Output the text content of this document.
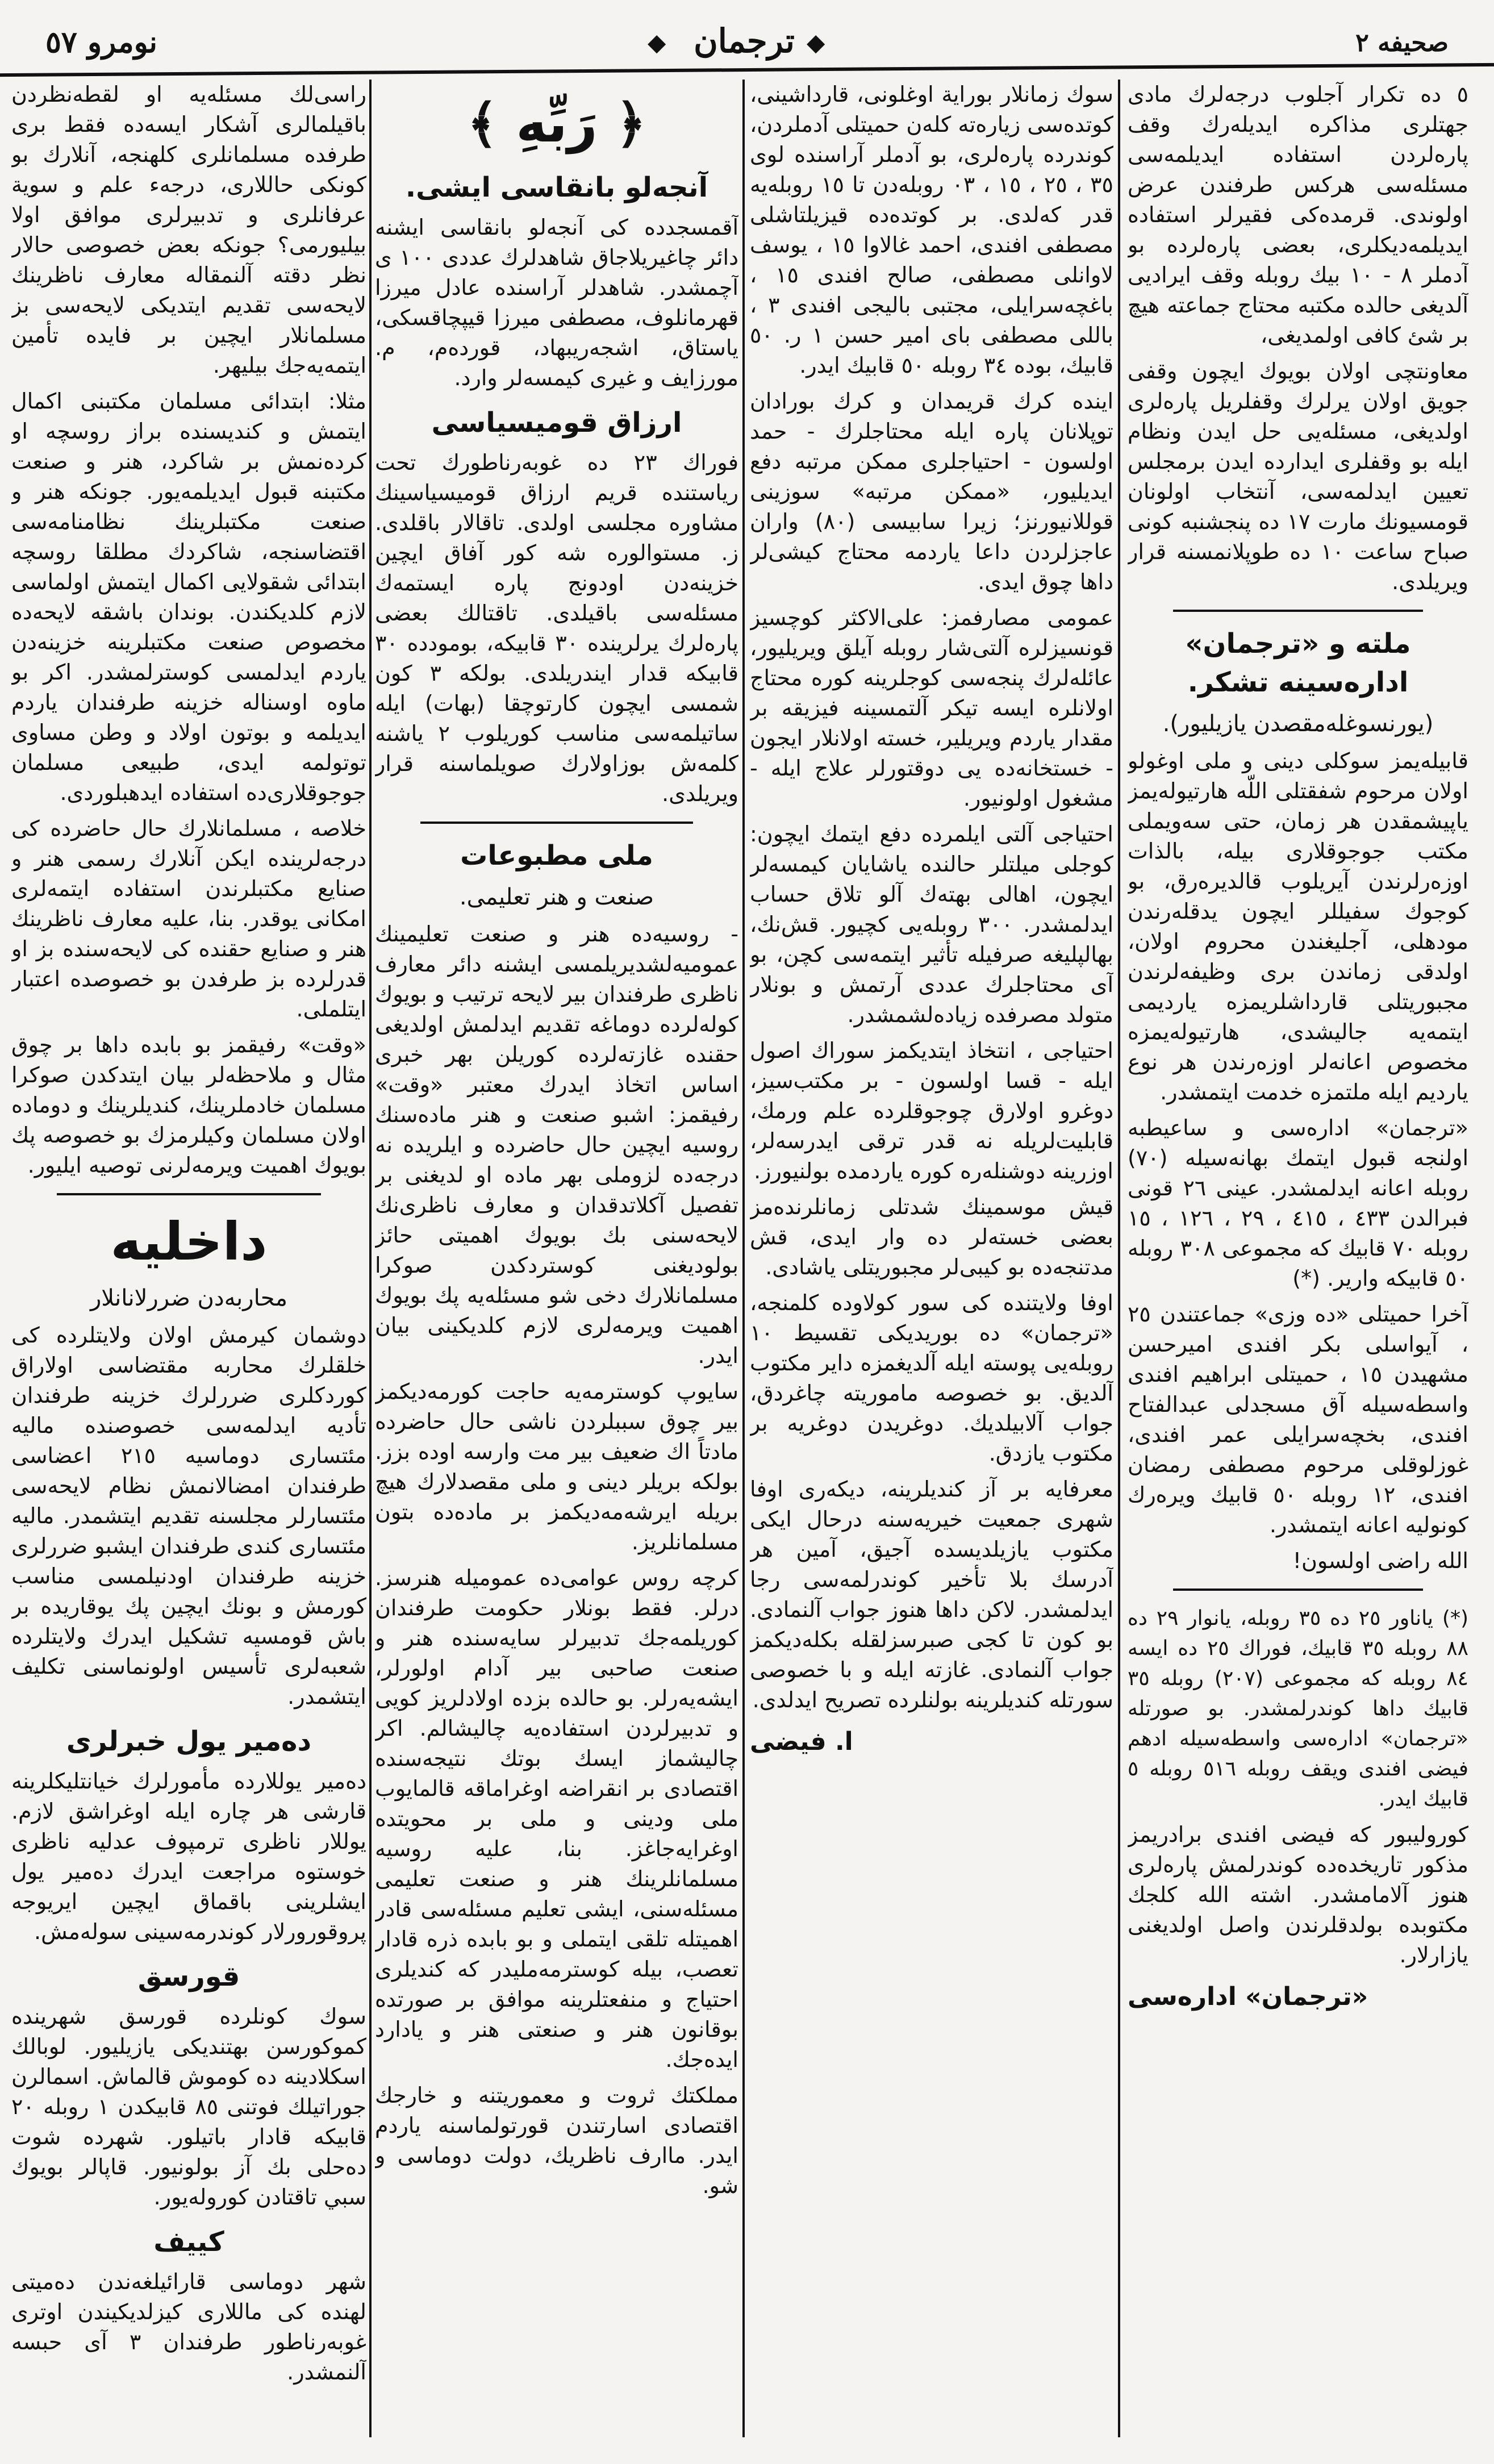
صحيفه ٢
◆
ترجمان
◆
نومرو ٥٧

٥ ده تكرار آجلوب درجه‌لرك مادی جهتلری مذاکره ایدیله‌رك وقف پاره‌لردن استفاده ایدیلمه‌سی مسئله‌سی هرکس طرفندن عرض اولوندی. قرمده‌كی فقیرلر استفاده ایدیلمه‌ديكلرى، بعضی پاره‌لرده بو آدملر ٨ - ١٠ بيك روبله وقف ايراديی آلدیغی حالده مكتبه محتاج جماعته هيچ بر شئ كافی اولمدیغی،

معاونتچی اولان بویوك ایچون وقفى جویق اولان يرلرك وقفلريل پاره‌لری اولدیغی، مسئله‌يى حل ايدن ونظام ايله بو وقفلری ایدارده ايدن برمجلس تعيين ايدلمه‌سی، آنتخاب اولونان قومسیونك مارت ١٧ ده پنجشنبه كونی صباح ساعت ١٠ ده طوپلانمسنه قرار ويريلدی.

ملته و «ترجمان» اداره‌سینه تشكر.
(يورنسوغله‌مقصدن يازيليور).

قابيله‌يمز سوكلى دينی و ملی اوغولو اولان مرحوم شفقتلى اللّه هارتيوله‌يمز ياپيشمقدن هر زمان، حتى سه‌ويملی مكتب جوجوقلاری بیله، بالذات اوزه‌رلرندن آيريلوب قالديره‌رق، بو كوجوك سفيللر ایچون يدقله‌رندن مودهلی، آجلیغندن محروم اولان، اولدقی زماندن بری وظيفه‌لرندن مجبوريتلى قارداشلريمزه يارديمی ايتمه‌يه جاليشدی، هارتيوله‌يمزه مخصوص اعانه‌لر اوزه‌رندن هر نوع ياردیم ایله ملتمزه خدمت ايتمشدر.

«ترجمان» اداره‌سی و ساعیطبه اولنجه قبول ايتمك بهانه‌سيله (٧٠) روبله اعانه ايدلمشدر. عينی ٢٦ قونی فبرالدن ٤٣٣ ، ٤١٥ ، ٢٩ ، ١٢٦ ، ١٥ روبله ٧٠ قابيك كه مجموعی ٣٠٨ روبله ٥٠ قابيكه وارير. (*)

آخرا حميتلی «ده وزی» جماعتندن ٢٥ ، آيواسلی بكر افندی امیرحسن مشهيدن ١٥ ، حميتلى ابراهيم افندی واسطه‌سيله آق مسجدلی عبدالفتاح افندی، بخچه‌سرايلی عمر افندی، غوزلوقلی مرحوم مصطفى رمضان افندی، ١٢ روبله ٥٠ قابيك ويره‌رك كونوليه اعانه ايتمشدر.

الله راضی اولسون!

(*) ياناور ٢٥ ده ٣٥ روبله، يانوار ٢٩ ده ٨٨ روبله ٣٥ قابيك، فوراك ٢٥ ده ايسه ٨٤ روبله كه مجموعی (٢٠٧) روبله ٣٥ قابيك داها كوندرلمشدر. بو صورتله «ترجمان» اداره‌سی واسطه‌سيله ادهم فيضی افندی ويقف روبله ٥١٦ روبله ٥ قابيك ايدر.

كوروليبور كه فيضی افندی برادريمز مذكور تاريخده‌ده كوندرلمش پاره‌لری هنوز آلامامشدر. اشته الله كلجك مكتوبده بولدقلرندن واصل اولديغنی يازارلار.

«ترجمان» اداره‌سی

سوك زمانلار بوراية اوغلونی، قارداشينی، كوتده‌سی زياره‌ته كله‌ن حميتلى آدملردن، كوندرده پاره‌لری، بو آدملر آراسنده لوی ٣٥ ، ٢٥ ، ١٥ ، ٠٣ روبله‌دن تا ١٥ روبله‌يه قدر كه‌لدی. بر كوتده‌ده قيزيلتاشلی مصطفى افندی، احمد غالاوا ١٥ ، يوسف لاوانلى مصطفى، صالح افندی ١٥ ، باغچه‌سرايلى، مجتبی باليجى افندی ٣ ، باللى مصطفى باى امير حسن ١ ر. ٥٠ قابيك، بوده ٣٤ روبله ٥٠ قابيك ايدر.

اينده كرك قريمدان و كرك بورادان توپلانان پاره ايله محتاجلرك - حمد اولسون - احتياجلرى ممكن مرتبه دفع ايديليور، «ممكن مرتبه» سوزينی قوللانيورنز؛ زيرا سابيسى (٨٠) واران عاجزلردن داعا ياردمه محتاج كيشى‌لر داها چوق ايدى.

عمومی مصارفمز: على‌الاكثر كوچسيز قونسيزلره آلتى‌شار روبله آيلق ويريليور، عائله‌لرك پنجه‌سى كوجلرينه كوره محتاج اولانلره ايسه تيكر آلتمسينه فيزيقه بر مقدار ياردم ويريلير، خسته اولانلار ايجون - خستخانه‌ده يى دوقتورلر علاج ايله - مشغول اولونيور.

احتياجی آلتى ايلمرده دفع ايتمك ايچون: كوجلی ميلتلر حالنده ياشايان كيمسه‌لر ايچون، اهالى بهته‌ك آلو تلاق حساب ايدلمشدر. ٣٠٠ روبله‌يى كچيور. قش‌نك، بهالپلیغه صرفيله تأثير ايتمه‌سی كچن، بو آى محتاجلرك عددى آرتمش و بونلار متولد مصرفده زياده‌لشمشدر.

احتياجی ، انتخاذ ايتديكمز سوراك اصول ايله - قسا اولسون - بر مكتب‌سيز، دوغرو اولارق چوجوقلرده علم ورمك، قابليت‌لريله نه قدر ترقى ايدرسه‌لر، اوزرينه دوشنله‌ره كوره ياردمده بولنيورز.

قيش موسمينك شدتلی زمانلرنده‌مز بعضی خسته‌لر ده وار ايدی، قش مدتنجه‌ده بو كيبى‌لر مجبوريتلى ياشادی.

اوفا ولايتنده كى سور كولاوده كلمنجه، «ترجمان» ده بوريديكى تقسيط ١٠ روبله‌يى پوسته ايله آلديغمزه داير مكتوب آلديق. بو خصوصه ماموريته چاغردق، جواب آلابيلديك. دوغريدن دوغريه بر مكتوب يازدق.

معرفايه بر آز كنديلرينه، ديكه‌رى اوفا شهری جمعيت خيريه‌سنه درحال ايكى مكتوب يازيلديسده آجيق، آمين هر آدرسك بلا تأخير كوندرلمه‌سى رجا ايدلمشدر. لاكن داها هنوز جواب آلنمادى. بو كون تا كجى صبرسزلقله بكله‌ديكمز جواب آلنمادى. غازته ايله و با خصوصی سورتله كنديلرينه بولنلرده تصريح ايدلدی.

ا. فيضى
﴿ رَبِّهِ ﴾
آنجه‌لو بانقاسى ايشى.

آقمسجدده كى آنجه‌لو بانقاسى ايشنه دائر چاغيريلاجاق شاهدلرك عددى ١٠٠ ى آچمشدر. شاهدلر آراسنده عادل ميرزا قهرمانلوف، مصطفى ميرزا قيپچاقسكى، ياستاق، اشجه‌ريبهاد، قورده‌م، م. مورزايف و غيرى كيمسه‌لر وارد.

ارزاق قوميسياسى

فوراك ٢٣ ده غوبه‌رناطورك تحت رياستنده قريم ارزاق قوميسياسينك مشاوره مجلسى اولدى. تاقالار باقلدى. ز. مستوالوره شه كور آفاق ايچين خزينه‌دن اودونج پاره ايستمه‌ك مسئله‌سى باقيلدى. تاقتالك بعضى پاره‌لرك يرلرينده ٣٠ قابيكه، بومودده ٣٠ قابيكه قدار ايندريلدى. بولكه ٣ كون شمسى ايچون كارتوچقا (بهات) ايله ساتيلمه‌سی مناسب كوريلوب ٢ ياشنه كلمه‌ش بوزاولارك صويلماسنه قرار ويريلدى.

ملی مطبوعات
صنعت و هنر تعليمى.

- روسيه‌ده هنر و صنعت تعليمينك عموميه‌لشديريلمسى ايشنه دائر معارف ناظرى طرفندان بير لايحه ترتيب و بويوك كوله‌لرده دوماغه تقديم ايدلمش اولديغى حقنده غازته‌لرده كوريلن بهر خبرى اساس اتخاذ ايدرك معتبر «وقت» رفيقمز: اشبو صنعت و هنر ماده‌سنك روسيه ايچين حال حاضرده و ايلريده نه درجه‌ده لزوملى بهر ماده او لديغنى بر تفصيل آكلاتدقدان و معارف ناظرى‌نك لايحه‌سنى بك بويوك اهميتى حائز بولوديغنى كوستردكدن صوكرا مسلمانلارك دخى شو مسئله‌يه پك بويوك اهميت ويرمه‌لرى لازم كلديكينى بيان ايدر.

سايوپ كوسترمه‌يه حاجت كورمه‌ديكمز بير چوق سببلردن ناشى حال حاضرده مادتاً اك ضعيف بير مت وارسه اوده بزز. بولكه بريلر دينی و ملی مقصدلارك هيچ بريله ايرشه‌مه‌ديكمز بر ماده‌ده بتون مسلمانلريز.

كرچه روس عوامى‌ده عموميله هنرسز. درلر. فقط بونلار حكومت طرفندان كوريلمه‌جك تدبيرلر سايه‌سنده هنر و صنعت صاحبى بير آدام اولورلر، ايشه‌يه‌رلر. بو حالده بزده اولادلريز كويى و تدبيرلردن استفاده‌يه چاليشالم. اكر چاليشماز ايسك بوتك نتيجه‌سنده اقتصادى بر انقراضه اوغراماقه قالمايوب ملی ودينى و ملی بر محويتده اوغرايه‌جاغز. بنا، علیه روسيه مسلمانلرينك هنر و صنعت تعليمى مسئله‌سنى، ايشى تعليم مسئله‌سى قادر اهميتله تلقى ايتملى و بو بابده ذره قادار تعصب، بيله كوسترمه‌مليدر كه كنديلرى احتياج و منفعتلرينه موافق بر صورتده بوقانون هنر و صنعتى هنر و يادارد ايده‌جك.

مملكتك ثروت و معموريتنه و خارجك اقتصادى اسارتندن قورتولماسنه ياردم ايدر. ماارف ناظريك، دولت دوماسى و شو.

راسى‌لك مسئله‌يه او لقطه‌نظردن باقيلمالرى آشكار ايسه‌ده فقط برى طرفده مسلمانلرى كلهنجه، آنلارك بو كونكى حاللارى، درجه‌ء علم و سوية عرفانلرى و تدبيرلرى موافق اولا بيليورمى؟ جونكه بعض خصوصى حالار نظر دقته آلنمقاله معارف ناظرينك لايحه‌سى تقديم ايتديكى لايحه‌سى بز مسلمانلار ايچين بر فايده تأمين ايتمه‌يه‌جك بيليهر.

مثلا: ابتدائى مسلمان مكتبنى اكمال ايتمش و كنديسنده براز روسچه او كرده‌نمش بر شاكرد، هنر و صنعت مكتبنه قبول ايديلمه‌يور. جونكه هنر و صنعت مكتبلرينك نظامنامه‌سى اقتضاسنجه، شاكردك مطلقا روسچه ابتدائى شقولايى اكمال ايتمش اولماسى لازم كلديكندن. بوندان باشقه لايحه‌ده مخصوص صنعت مكتبلرينه خزينه‌دن ياردم ايدلمسى كوسترلمشدر. اكر بو ماوه اوسناله خزينه طرفندان ياردم ايديلمه و بوتون اولاد و وطن مساوى توتولمه ايدى، طبيعى مسلمان جوجوقلارى‌ده استفاده ايدهبلوردى.

خلاصه ، مسلمانلارك حال حاضرده كى درجه‌لرينده ايكن آنلارك رسمى هنر و صنايع مكتبلرندن استفاده ايتمه‌لرى امكانى يوقدر. بنا، عليه معارف ناظرينك هنر و صنايع حقنده كى لايحه‌سنده بز او قدرلرده بز طرفدن بو خصوصده اعتبار ايتلملى.

«وقت» رفيقمز بو بابده داها بر چوق مثال و ملاحظه‌لر بيان ايتدكدن صوكرا مسلمان خادملرينك، كنديلرينك و دوماده اولان مسلمان وكيلرمزك بو خصوصه پك بويوك اهميت ويرمه‌لرنى توصيه ايليور.

داخليه
محاربه‌دن ضررلانانلار

دوشمان كيرمش اولان ولايتلرده كى خلقلرك محاربه مقتضاسى اولاراق كوردكلرى ضررلرك خزينه طرفندان تأديه ايدلمه‌سى خصوصنده ماليه مئتسارى دوماسيه ٢١٥ اعضاسى طرفندان امضالانمش نظام لايحه‌سى مئتسارلر مجلسنه تقديم ايتشمدر. ماليه مئتسارى كندى طرفندان ايشبو ضررلرى خزينه طرفندان اودنيلمسى مناسب كورمش و بونك ايچين پك يوقاريده بر باش قومسيه تشكيل ايدرك ولايتلرده شعبه‌لرى تأسيس اولونماسنى تكليف ايتشمدر.

ده‌مير يول خبرلرى

ده‌مير يوللارده مأمورلرك خيانتليكلرينه قارشى هر چاره ايله اوغراشق لازم. يوللار ناظرى ترمپوف عدليه ناظرى خوستوه مراجعت ايدرك ده‌مير يول ايشلرينى باقماق ايچين ايريوجه پروقورورلار كوندرمه‌سينى سوله‌مش.

قورسق

سوك كونلرده قورسق شهرينده كموكورسن بهتنديكى يازيليور. لوبالك اسكلادينه ده كوموش قالماش. اسمالرن جوراتيلك فوتنى ٨٥ قابيكدن ١ روبله ٢٠ قابيكه قادار باتيلور. شهرده شوت ده‌حلی بك آز بولونيور. قاپالر بويوك سبي تاقتادن كوروله‌يور.

كييف

شهر دوماسى قارائيلغه‌ندن ده‌ميتى لهنده كى ماللارى كيزلديكيندن اوترى غوبه‌رناطور طرفندان ٣ آى حبسه آلنمشدر.
